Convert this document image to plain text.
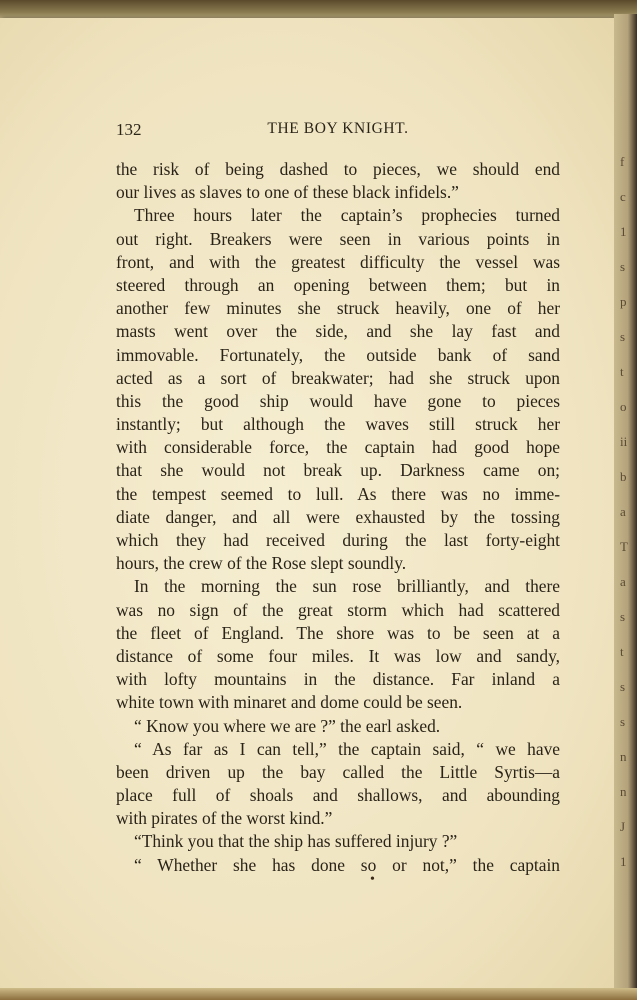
f
c
1
s
p
s
t
o
ii
b
a
T
a
s
t
s
s
n
n
J
1
132	THE BOY KNIGHT.
the risk of being dashed to pieces, we should end
our lives as slaves to one of these black infidels.”
Three hours later the captain’s prophecies turned
out right. Breakers were seen in various points in
front, and with the greatest difficulty the vessel was
steered through an opening between them; but in
another few minutes she struck heavily, one of her
masts went over the side, and she lay fast and
immovable. Fortunately, the outside bank of sand
acted as a sort of breakwater; had she struck upon
this the good ship would have gone to pieces
instantly; but although the waves still struck her
with considerable force, the captain had good hope
that she would not break up. Darkness came on;
the tempest seemed to lull. As there was no imme-
diate danger, and all were exhausted by the tossing
which they had received during the last forty-eight
hours, the crew of the Rose slept soundly.
In the morning the sun rose brilliantly, and there
was no sign of the great storm which had scattered
the fleet of England. The shore was to be seen at a
distance of some four miles. It was low and sandy,
with lofty mountains in the distance. Far inland a
white town with minaret and dome could be seen.
“ Know you where we are ?” the earl asked.
“ As far as I can tell,” the captain said, “ we have
been driven up the bay called the Little Syrtis—a
place full of shoals and shallows, and abounding
with pirates of the worst kind.”
“Think you that the ship has suffered injury ?”
“ Whether she has done so or not,” the captain
•
